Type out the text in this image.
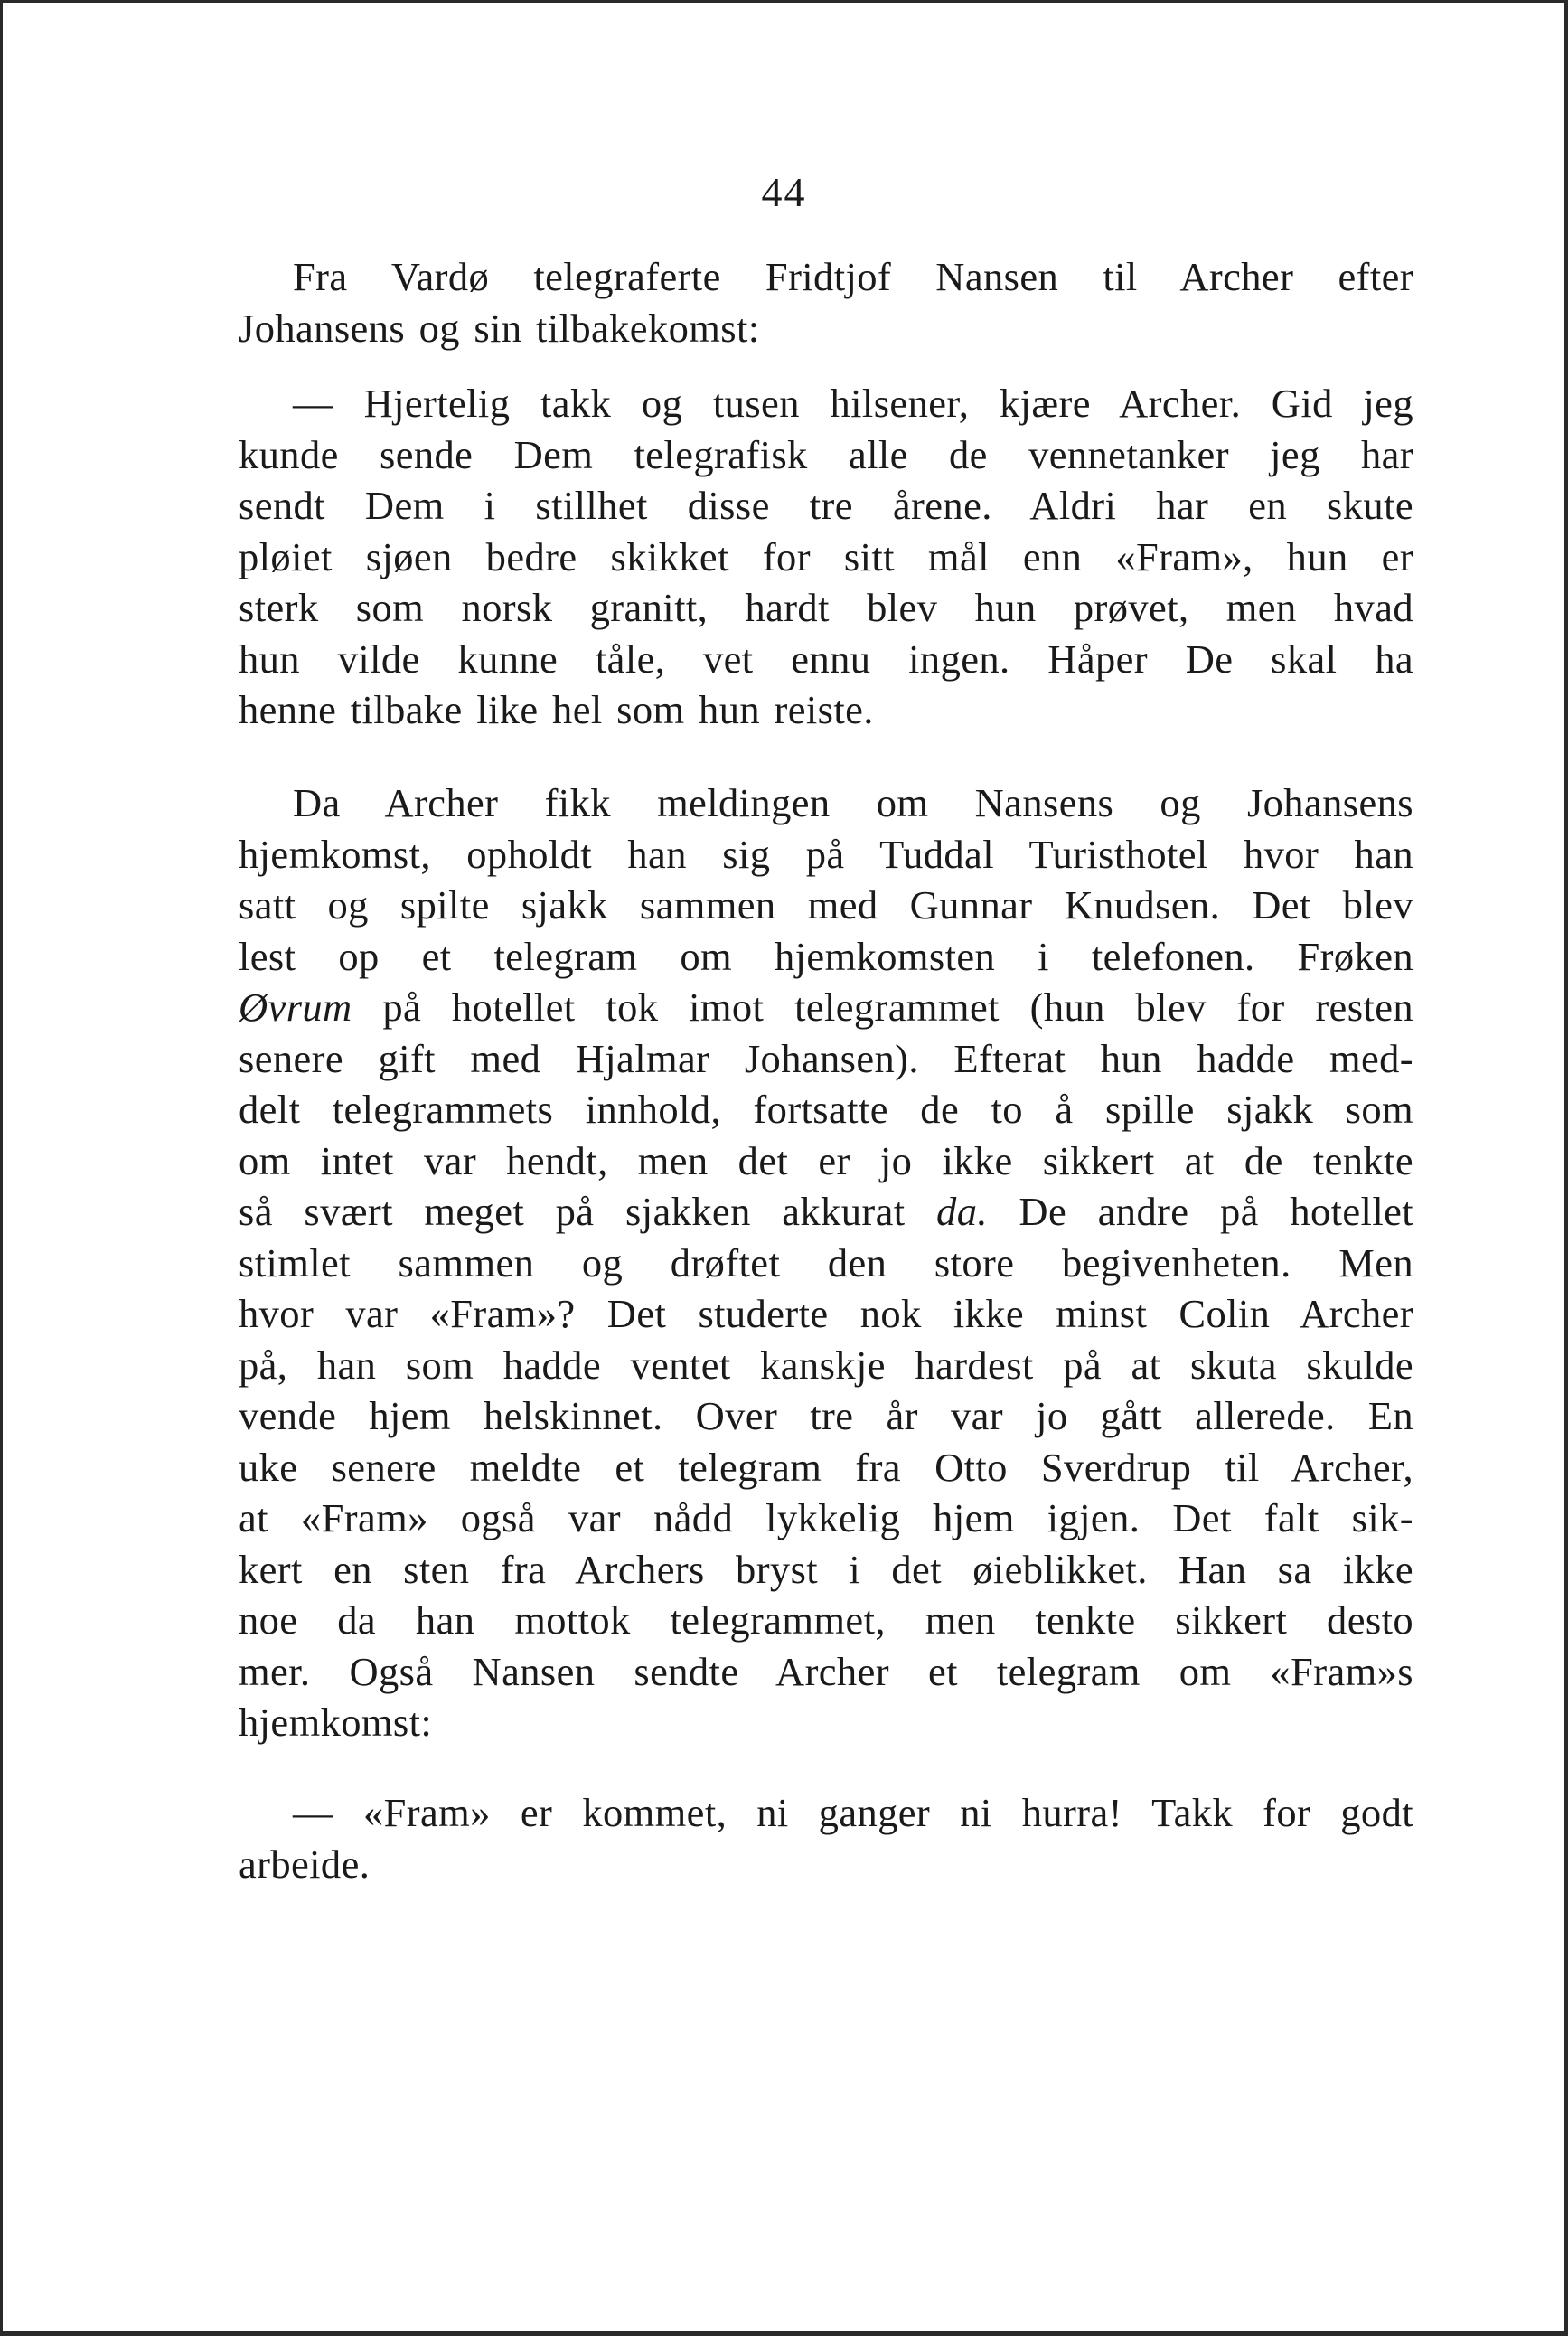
44
Fra Vardø telegraferte Fridtjof Nansen til Archer efter
Johansens og sin tilbakekomst:
— Hjertelig takk og tusen hilsener, kjære Archer. Gid jeg
kunde sende Dem telegrafisk alle de vennetanker jeg har
sendt Dem i stillhet disse tre årene. Aldri har en skute
pløiet sjøen bedre skikket for sitt mål enn «Fram», hun er
sterk som norsk granitt, hardt blev hun prøvet, men hvad
hun vilde kunne tåle, vet ennu ingen. Håper De skal ha
henne tilbake like hel som hun reiste.
Da Archer fikk meldingen om Nansens og Johansens
hjemkomst, opholdt han sig på Tuddal Turisthotel hvor han
satt og spilte sjakk sammen med Gunnar Knudsen. Det blev
lest op et telegram om hjemkomsten i telefonen. Frøken
Øvrum på hotellet tok imot telegrammet (hun blev for resten
senere gift med Hjalmar Johansen). Efterat hun hadde med-
delt telegrammets innhold, fortsatte de to å spille sjakk som
om intet var hendt, men det er jo ikke sikkert at de tenkte
så svært meget på sjakken akkurat da. De andre på hotellet
stimlet sammen og drøftet den store begivenheten. Men
hvor var «Fram»? Det studerte nok ikke minst Colin Archer
på, han som hadde ventet kanskje hardest på at skuta skulde
vende hjem helskinnet. Over tre år var jo gått allerede. En
uke senere meldte et telegram fra Otto Sverdrup til Archer,
at «Fram» også var nådd lykkelig hjem igjen. Det falt sik-
kert en sten fra Archers bryst i det øieblikket. Han sa ikke
noe da han mottok telegrammet, men tenkte sikkert desto
mer. Også Nansen sendte Archer et telegram om «Fram»s
hjemkomst:
— «Fram» er kommet, ni ganger ni hurra! Takk for godt
arbeide.
